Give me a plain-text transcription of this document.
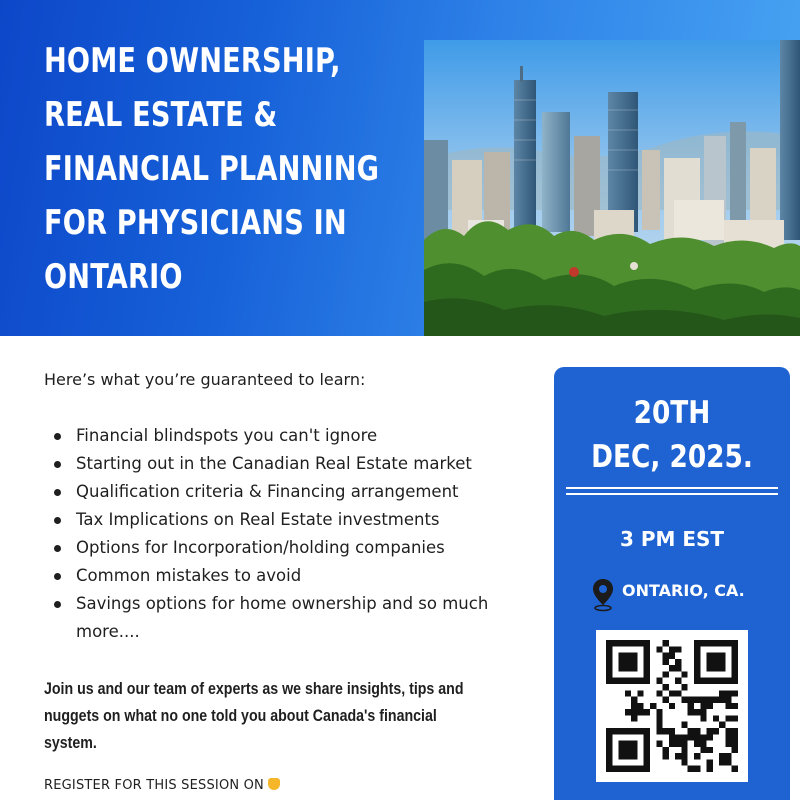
HOME OWNERSHIP,
REAL ESTATE &
FINANCIAL PLANNING
FOR PHYSICIANS IN
ONTARIO

Here’s what you’re guaranteed to learn:

Financial blindspots you can't ignore
Starting out in the Canadian Real Estate market
Qualification criteria & Financing arrangement
Tax Implications on Real Estate investments
Options for Incorporation/holding companies
Common mistakes to avoid
Savings options for home ownership and so much more....

Join us and our team of experts as we share insights, tips and nuggets on what no one told you about Canada's financial system.

REGISTER FOR THIS SESSION ON

20TH
DEC, 2025.

3 PM EST

ONTARIO, CA.
